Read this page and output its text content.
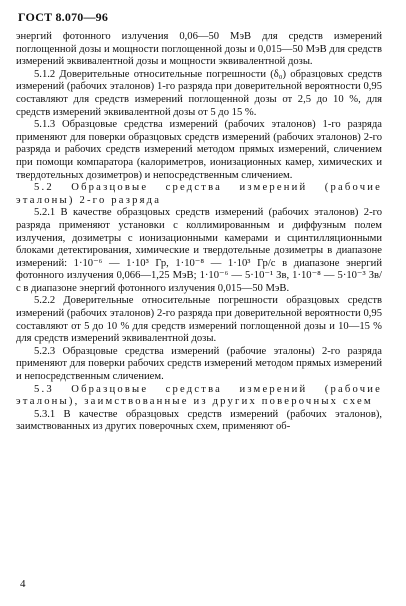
ГОСТ 8.070—96

энергий фотонного излучения 0,06—50 МэВ для средств измерений поглощенной дозы и мощности поглощенной дозы и 0,015—50 МэВ для средств измерений эквивалентной дозы и мощности эквивалентной дозы.

5.1.2 Доверительные относительные погрешности (δ₀) образцовых средств измерений (рабочих эталонов) 1-го разряда при доверительной вероятности 0,95 составляют для средств измерений поглощенной дозы от 2,5 до 10 %, для средств измерений эквивалентной дозы от 5 до 15 %.

5.1.3 Образцовые средства измерений (рабочих эталонов) 1-го разряда применяют для поверки образцовых средств измерений (рабочих эталонов) 2-го разряда и рабочих средств измерений методом прямых измерений, сличением при помощи компаратора (калориметров, ионизационных камер, химических и твердотельных дозиметров) и непосредственным сличением.

5.2 Образцовые средства измерений (рабочие эталоны) 2-го разряда

5.2.1 В качестве образцовых средств измерений (рабочих эталонов) 2-го разряда применяют установки с коллимированным и диффузным полем излучения, дозиметры с ионизационными камерами и сцинтилляционными блоками детектирования, химические и твердотельные дозиметры в диапазоне измерений: 1·10⁻⁶ — 1·10³ Гр, 1·10⁻⁸ — 1·10³ Гр/с в диапазоне энергий фотонного излучения 0,066—1,25 МэВ; 1·10⁻⁶ — 5·10⁻¹ Зв, 1·10⁻⁸ — 5·10⁻³ Зв/с в диапазоне энергий фотонного излучения 0,015—50 МэВ.

5.2.2 Доверительные относительные погрешности образцовых средств измерений (рабочих эталонов) 2-го разряда при доверительной вероятности 0,95 составляют от 5 до 10 % для средств измерений поглощенной дозы и 10—15 % для средств измерений эквивалентной дозы.

5.2.3 Образцовые средства измерений (рабочие эталоны) 2-го разряда применяют для поверки рабочих средств измерений методом прямых измерений и непосредственным сличением.

5.3 Образцовые средства измерений (рабочие эталоны), заимствованные из других поверочных схем

5.3.1 В качестве образцовых средств измерений (рабочих эталонов), заимствованных из других поверочных схем, применяют об-

4
